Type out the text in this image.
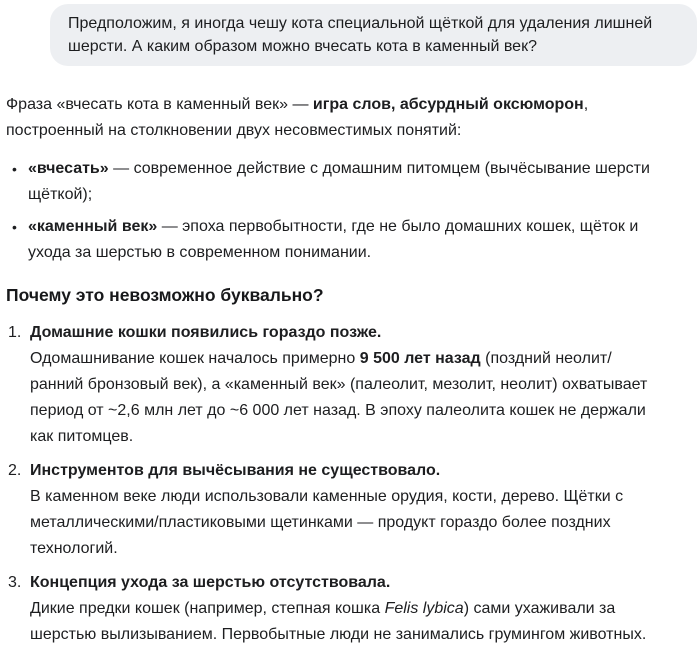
Предположим, я иногда чешу кота специальной щёткой для удаления лишней шерсти. А каким образом можно вчесать кота в каменный век?

Фраза «вчесать кота в каменный век» — игра слов, абсурдный оксюморон, построенный на столкновении двух несовместимых понятий:

• «вчесать» — современное действие с домашним питомцем (вычёсывание шерсти щёткой);
• «каменный век» — эпоха первобытности, где не было домашних кошек, щёток и ухода за шерстью в современном понимании.
Почему это невозможно буквально?
1. Домашние кошки появились гораздо позже.
Одомашнивание кошек началось примерно 9 500 лет назад (поздний неолит/ранний бронзовый век), а «каменный век» (палеолит, мезолит, неолит) охватывает период от ~2,6 млн лет до ~6 000 лет назад. В эпоху палеолита кошек не держали как питомцев.
2. Инструментов для вычёсывания не существовало.
В каменном веке люди использовали каменные орудия, кости, дерево. Щётки с металлическими/пластиковыми щетинками — продукт гораздо более поздних технологий.
3. Концепция ухода за шерстью отсутствовала.
Дикие предки кошек (например, степная кошка Felis lybica) сами ухаживали за шерстью вылизыванием. Первобытные люди не занимались грумингом животных.
